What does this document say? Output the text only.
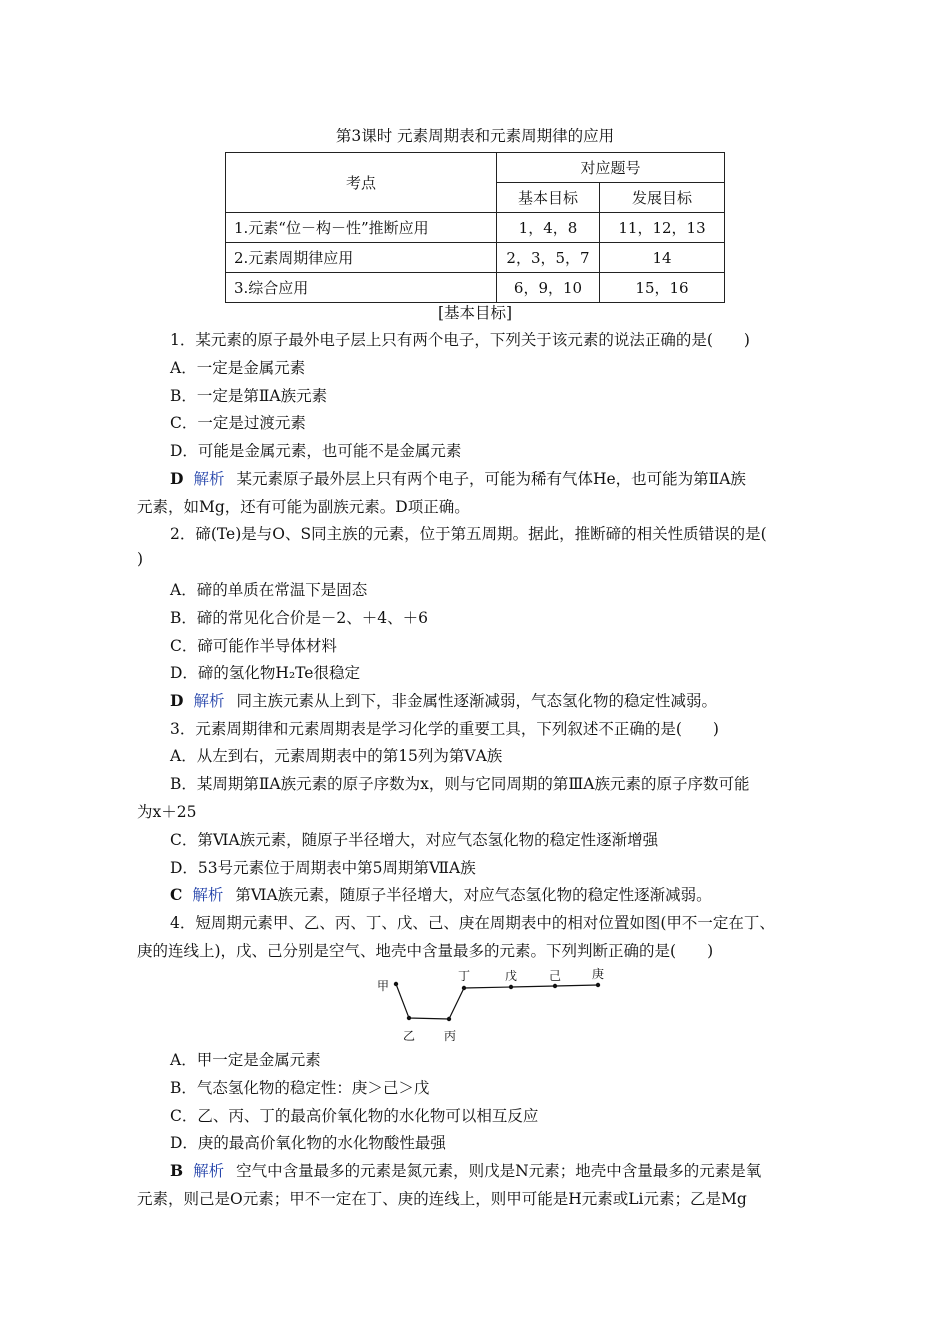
第3课时 元素周期表和元素周期律的应用
考点	对应题号	
	基本目标	发展目标
1.元素“位－构－性”推断应用	1，4，8	11，12，13
2.元素周期律应用	2，3，5，7	14
3.综合应用	6，9，10	15，16
[基本目标]
1．某元素的原子最外电子层上只有两个电子，下列关于该元素的说法正确的是(　　)
A．一定是金属元素
B．一定是第ⅡA族元素
C．一定是过渡元素
D．可能是金属元素，也可能不是金属元素
D 解析 某元素原子最外层上只有两个电子，可能为稀有气体He，也可能为第ⅡA族
元素，如Mg，还有可能为副族元素。D项正确。
2．碲(Te)是与O、S同主族的元素，位于第五周期。据此，推断碲的相关性质错误的是(
)
A．碲的单质在常温下是固态
B．碲的常见化合价是－2、＋4、＋6
C．碲可能作半导体材料
D．碲的氢化物H₂Te很稳定
D 解析 同主族元素从上到下，非金属性逐渐减弱，气态氢化物的稳定性减弱。
3．元素周期律和元素周期表是学习化学的重要工具，下列叙述不正确的是(　　)
A．从左到右，元素周期表中的第15列为第ⅤA族
B．某周期第ⅡA族元素的原子序数为x，则与它同周期的第ⅢA族元素的原子序数可能
为x＋25
C．第ⅥA族元素，随原子半径增大，对应气态氢化物的稳定性逐渐增强
D．53号元素位于周期表中第5周期第ⅦA族
C 解析 第ⅥA族元素，随原子半径增大，对应气态氢化物的稳定性逐渐减弱。
4．短周期元素甲、乙、丙、丁、戊、己、庚在周期表中的相对位置如图(甲不一定在丁、
庚的连线上)，戊、己分别是空气、地壳中含量最多的元素。下列判断正确的是(　　)
甲
乙 丙
丁	戊	己	庚
A．甲一定是金属元素
B．气态氢化物的稳定性：庚＞己＞戊
C．乙、丙、丁的最高价氧化物的水化物可以相互反应
D．庚的最高价氧化物的水化物酸性最强
B 解析 空气中含量最多的元素是氮元素，则戊是N元素；地壳中含量最多的元素是氧
元素，则己是O元素；甲不一定在丁、庚的连线上，则甲可能是H元素或Li元素；乙是Mg
